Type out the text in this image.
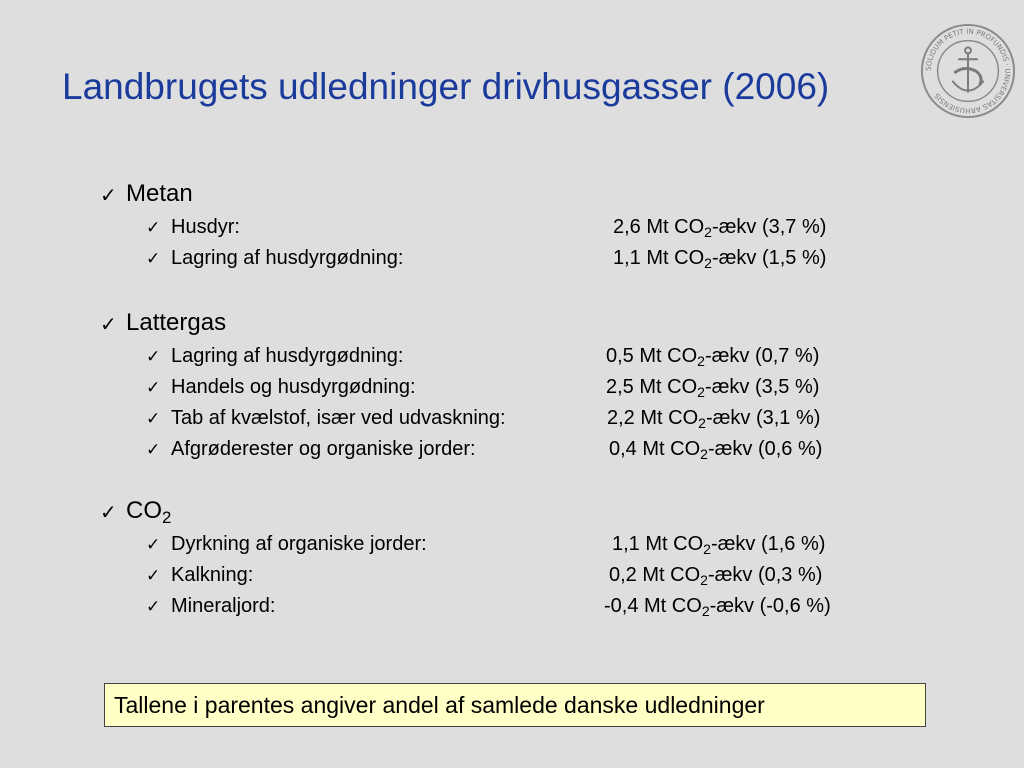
Landbrugets udledninger drivhusgasser (2006)	SOLIDUM PETIT IN PROFUNDIS · UNIVERSITAS ARHUSIENSIS
✓ Metan
✓ Husdyr:	2,6 Mt $CO_2$-ækv (3,7 %)
✓ Lagring af husdyrgødning:	1,1 Mt $CO_2$-ækv (1,5 %)
✓ Lattergas
✓ Lagring af husdyrgødning:	0,5 Mt $CO_2$-ækv (0,7 %)
✓ Handels og husdyrgødning:	2,5 Mt $CO_2$-ækv (3,5 %)
✓ Tab af kvælstof, især ved udvaskning:	2,2 Mt $CO_2$-ækv (3,1 %)
✓ Afgrøderester og organiske jorder:	0,4 Mt $CO_2$-ækv (0,6 %)
✓ $CO_2$
✓ Dyrkning af organiske jorder:	1,1 Mt $CO_2$-ækv (1,6 %)
✓ Kalkning:	0,2 Mt $CO_2$-ækv (0,3 %)
✓ Mineraljord:	-0,4 Mt $CO_2$-ækv (-0,6 %)
Tallene i parentes angiver andel af samlede danske udledninger
